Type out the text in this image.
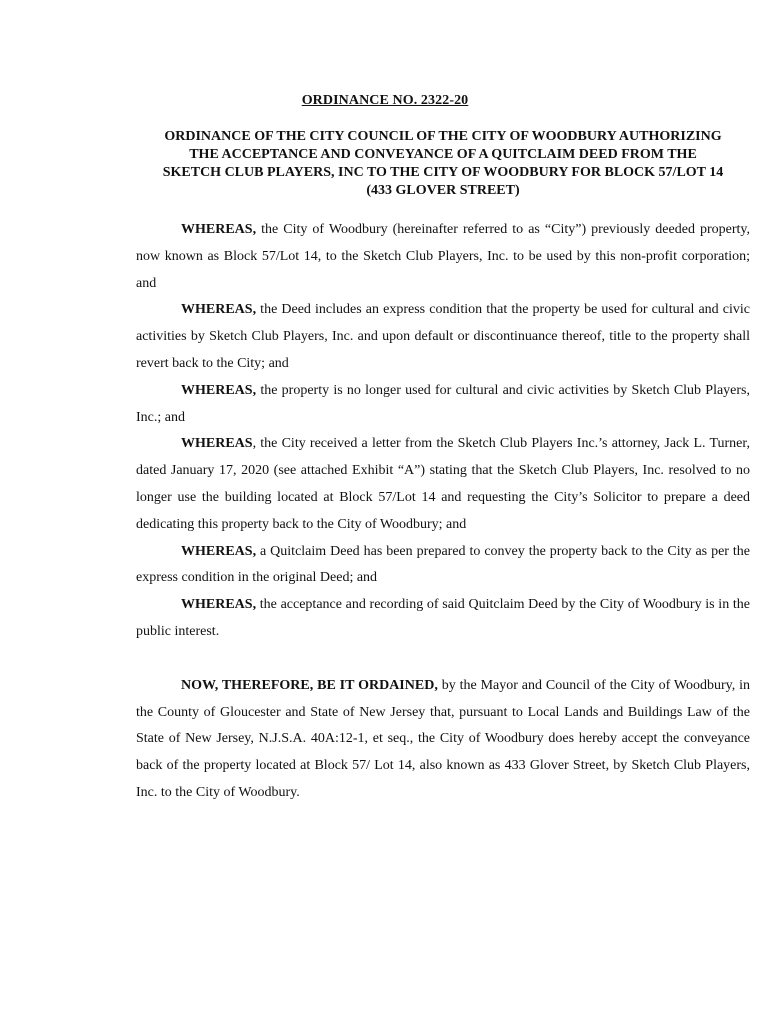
ORDINANCE NO. 2322-20
ORDINANCE OF THE CITY COUNCIL OF THE CITY OF WOODBURY AUTHORIZING
THE ACCEPTANCE AND CONVEYANCE OF A QUITCLAIM DEED FROM THE
SKETCH CLUB PLAYERS, INC TO THE CITY OF WOODBURY FOR BLOCK 57/LOT 14
(433 GLOVER STREET)

WHEREAS, the City of Woodbury (hereinafter referred to as “City”) previously deeded property, now known as Block 57/Lot 14, to the Sketch Club Players, Inc. to be used by this non-profit corporation; and

WHEREAS, the Deed includes an express condition that the property be used for cultural and civic activities by Sketch Club Players, Inc. and upon default or discontinuance thereof, title to the property shall revert back to the City; and

WHEREAS, the property is no longer used for cultural and civic activities by Sketch Club Players, Inc.; and

WHEREAS, the City received a letter from the Sketch Club Players Inc.’s attorney, Jack L. Turner, dated January 17, 2020 (see attached Exhibit “A”) stating that the Sketch Club Players, Inc. resolved to no longer use the building located at Block 57/Lot 14 and requesting the City’s Solicitor to prepare a deed dedicating this property back to the City of Woodbury; and

WHEREAS, a Quitclaim Deed has been prepared to convey the property back to the City as per the express condition in the original Deed; and

WHEREAS, the acceptance and recording of said Quitclaim Deed by the City of Woodbury is in the public interest.

NOW, THEREFORE, BE IT ORDAINED, by the Mayor and Council of the City of Woodbury, in the County of Gloucester and State of New Jersey that, pursuant to Local Lands and Buildings Law of the State of New Jersey, N.J.S.A. 40A:12-1, et seq., the City of Woodbury does hereby accept the conveyance back of the property located at Block 57/ Lot 14, also known as 433 Glover Street, by Sketch Club Players, Inc. to the City of Woodbury.
